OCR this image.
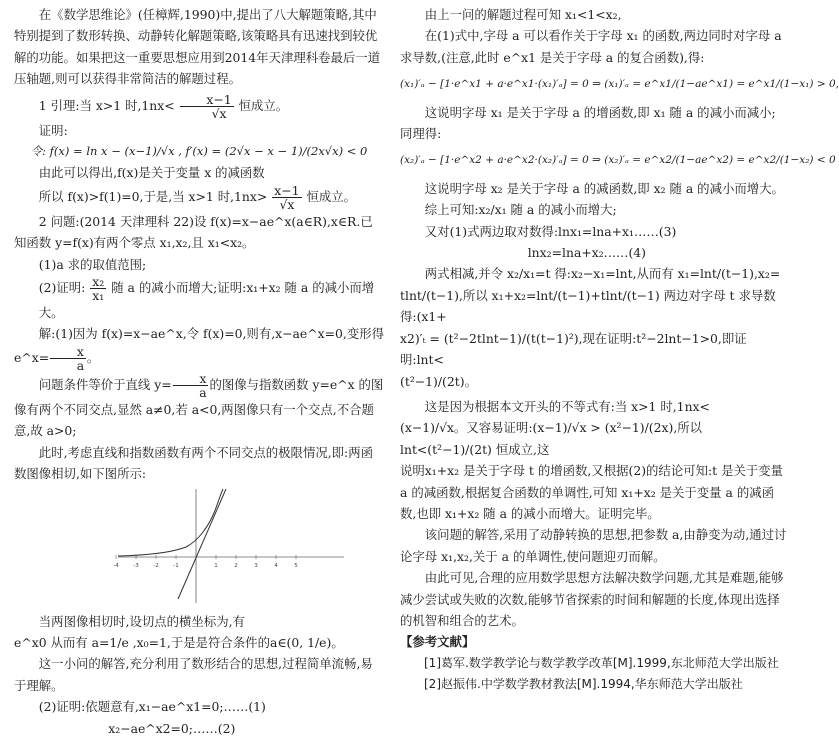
在《数学思维论》(任樟辉,1990)中,提出了八大解题策略,其中特别提到了数形转换、动静转化解题策略,该策略具有迅速找到较优解的功能。如果把这一重要思想应用到2014年天津理科卷最后一道压轴题,则可以获得非常简洁的解题过程。

1 引理:当 x>1 时$,1nx< \frac{x-1}{√x}$ 恒成立。

证明:

令: f(x) = ln x − (x−1)/√x , f′(x) = (2√x − x − 1)/(2x√x) < 0

由此可以得出,f(x)是关于变量 x 的减函数

所以 f(x)>f(1)=0,于是,当 x>1 时$,1nx> \frac{x-1}{√x}$ 恒成立。

2 问题:(2014 天津理科 22)设 f(x)=x−ae^x(a∈R),x∈R.已知函数 y=f(x)有两个零点 x₁,x₂,且 x₁<x₂。

(1)a 求的取值范围;

(2)证明: $\frac{\text{x₂}}{\text{x₁}}$ 随 a 的减小而增大;证明:x₁+x₂ 随 a 的减小而增大。

解:(1)因为 f(x)=x−ae^x,令 f(x)=0,则有,x−ae^x=0,变形得 e^x= $\frac{x}{a}$ 。

问题条件等价于直线 $y= \frac{x}{a}$ 的图像与指数函数 y=e^x 的图像有两个不同交点,显然 a≠0,若 a<0,两图像只有一个交点,不合题意,故 a>0;

此时,考虑直线和指数函数有两个不同交点的极限情况,即:两函数图像相切,如下图所示:

-4	-3	-2	-1	1	2	3	4	5

当两图像相切时,设切点的横坐标为,有

e^x0 从而有 a=1/e ,x₀=1,于是是符合条件的a∈(0, 1/e)。

这一小问的解答,充分利用了数形结合的思想,过程简单流畅,易于理解。

(2)证明:依题意有,x₁−ae^x1=0;……(1)

x₂−ae^x2=0;……(2)

由上一问的解题过程可知 x₁<1<x₂,

在(1)式中,字母 a 可以看作关于字母 x₁ 的函数,两边同时对字母 a 求导数,(注意,此时 e^x1 是关于字母 a 的复合函数),得:

(x₁)′ₐ − [1·e^x1 + a·e^x1·(x₁)′ₐ] = 0 ⇒ (x₁)′ₐ = e^x1/(1−ae^x1) = e^x1/(1−x₁) > 0,

这说明字母 x₁ 是关于字母 a 的增函数,即 x₁ 随 a 的减小而减小;同理得:

(x₂)′ₐ − [1·e^x2 + a·e^x2·(x₂)′ₐ] = 0 ⇒ (x₂)′ₐ = e^x2/(1−ae^x2) = e^x2/(1−x₂) < 0

这说明字母 x₂ 是关于字母 a 的减函数,即 x₂ 随 a 的减小而增大。

综上可知:x₂/x₁ 随 a 的减小而增大;

又对(1)式两边取对数得:lnx₁=lna+x₁……(3)

lnx₂=lna+x₂……(4)

两式相减,并令 x₂/x₁=t 得:x₂−x₁=lnt,从而有 x₁=lnt/(t−1),x₂=

tlnt/(t−1),所以 x₁+x₂=lnt/(t−1)+tlnt/(t−1) 两边对字母 t 求导数得:(x1+

x2)′ₜ = (t²−2tlnt−1)/(t(t−1)²),现在证明:t²−2lnt−1>0,即证明:lnt<

(t²−1)/(2t)。

这是因为根据本文开头的不等式有:当 x>1 时,1nx<

(x−1)/√x。又容易证明:(x−1)/√x > (x²−1)/(2x),所以 lnt<(t²−1)/(2t) 恒成立,这

说明x₁+x₂ 是关于字母 t 的增函数,又根据(2)的结论可知:t 是关于变量 a 的减函数,根据复合函数的单调性,可知 x₁+x₂ 是关于变量 a 的减函数,也即 x₁+x₂ 随 a 的减小而增大。证明完毕。

该问题的解答,采用了动静转换的思想,把参数 a,由静变为动,通过讨论字母 x₁,x₂,关于 a 的单调性,使问题迎刃而解。

由此可见,合理的应用数学思想方法解决数学问题,尤其是难题,能够减少尝试或失败的次数,能够节省探索的时间和解题的长度,体现出选择的机智和组合的艺术。

【参考文献】

[1]葛军.数学教学论与数学教学改革[M].1999,东北师范大学出版社

[2]赵振伟.中学数学教材教法[M].1994,华东师范大学出版社
